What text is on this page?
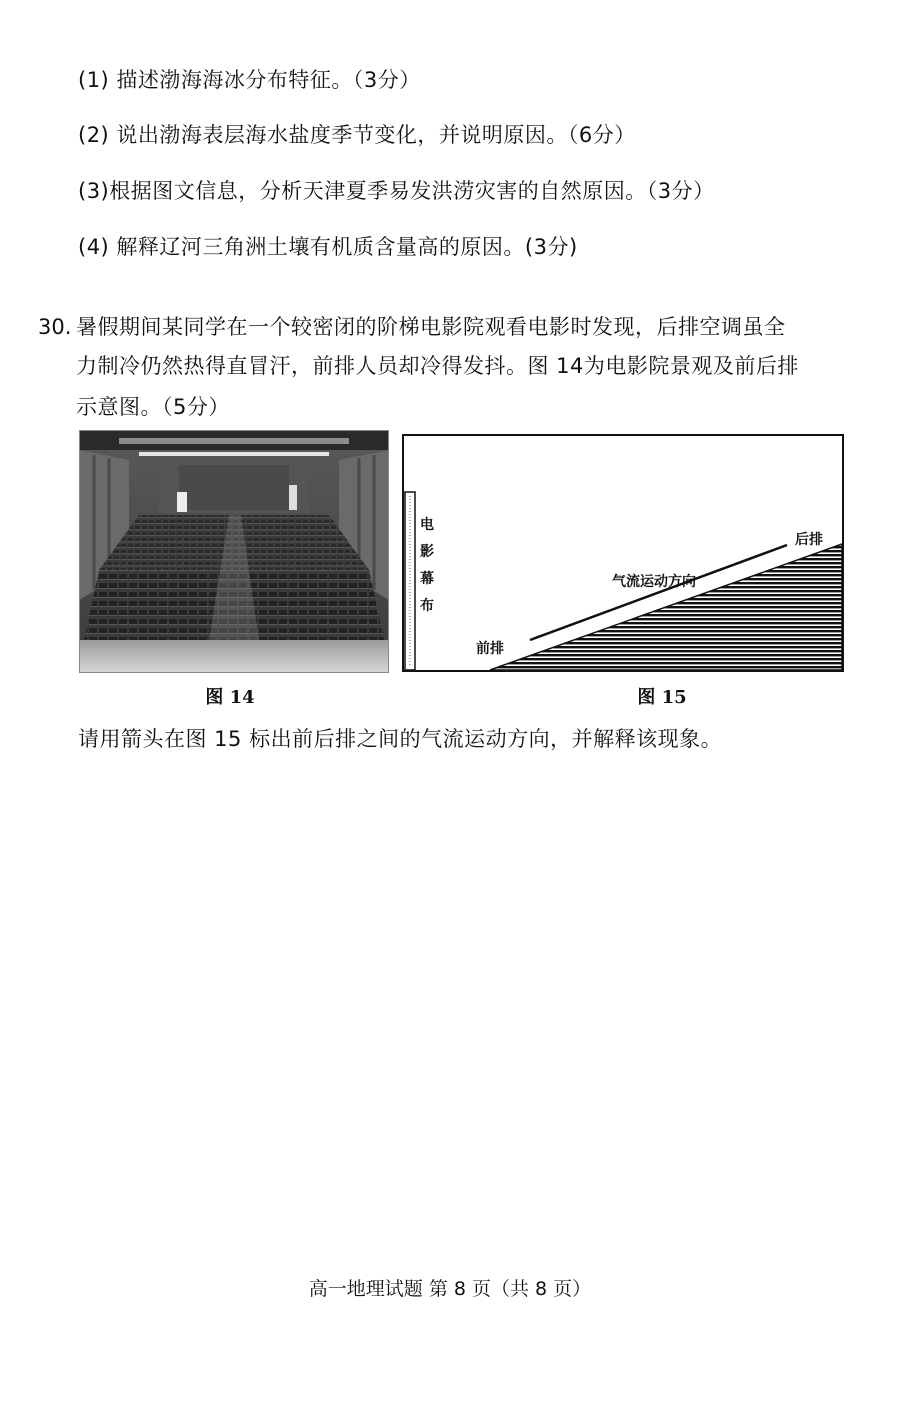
(1) 描述渤海海冰分布特征。（3分）
(2) 说出渤海表层海水盐度季节变化，并说明原因。（6分）
(3)根据图文信息，分析天津夏季易发洪涝灾害的自然原因。（3分）
(4) 解释辽河三角洲土壤有机质含量高的原因。(3分)
30. 暑假期间某同学在一个较密闭的阶梯电影院观看电影时发现，后排空调虽全
力制冷仍然热得直冒汗，前排人员却冷得发抖。图 14为电影院景观及前后排
示意图。（5分）
图 14
电
影
幕
布
前排
后排
气流运动方向
图 15
请用箭头在图 15 标出前后排之间的气流运动方向，并解释该现象。
高一地理试题 第 8 页（共 8 页）
